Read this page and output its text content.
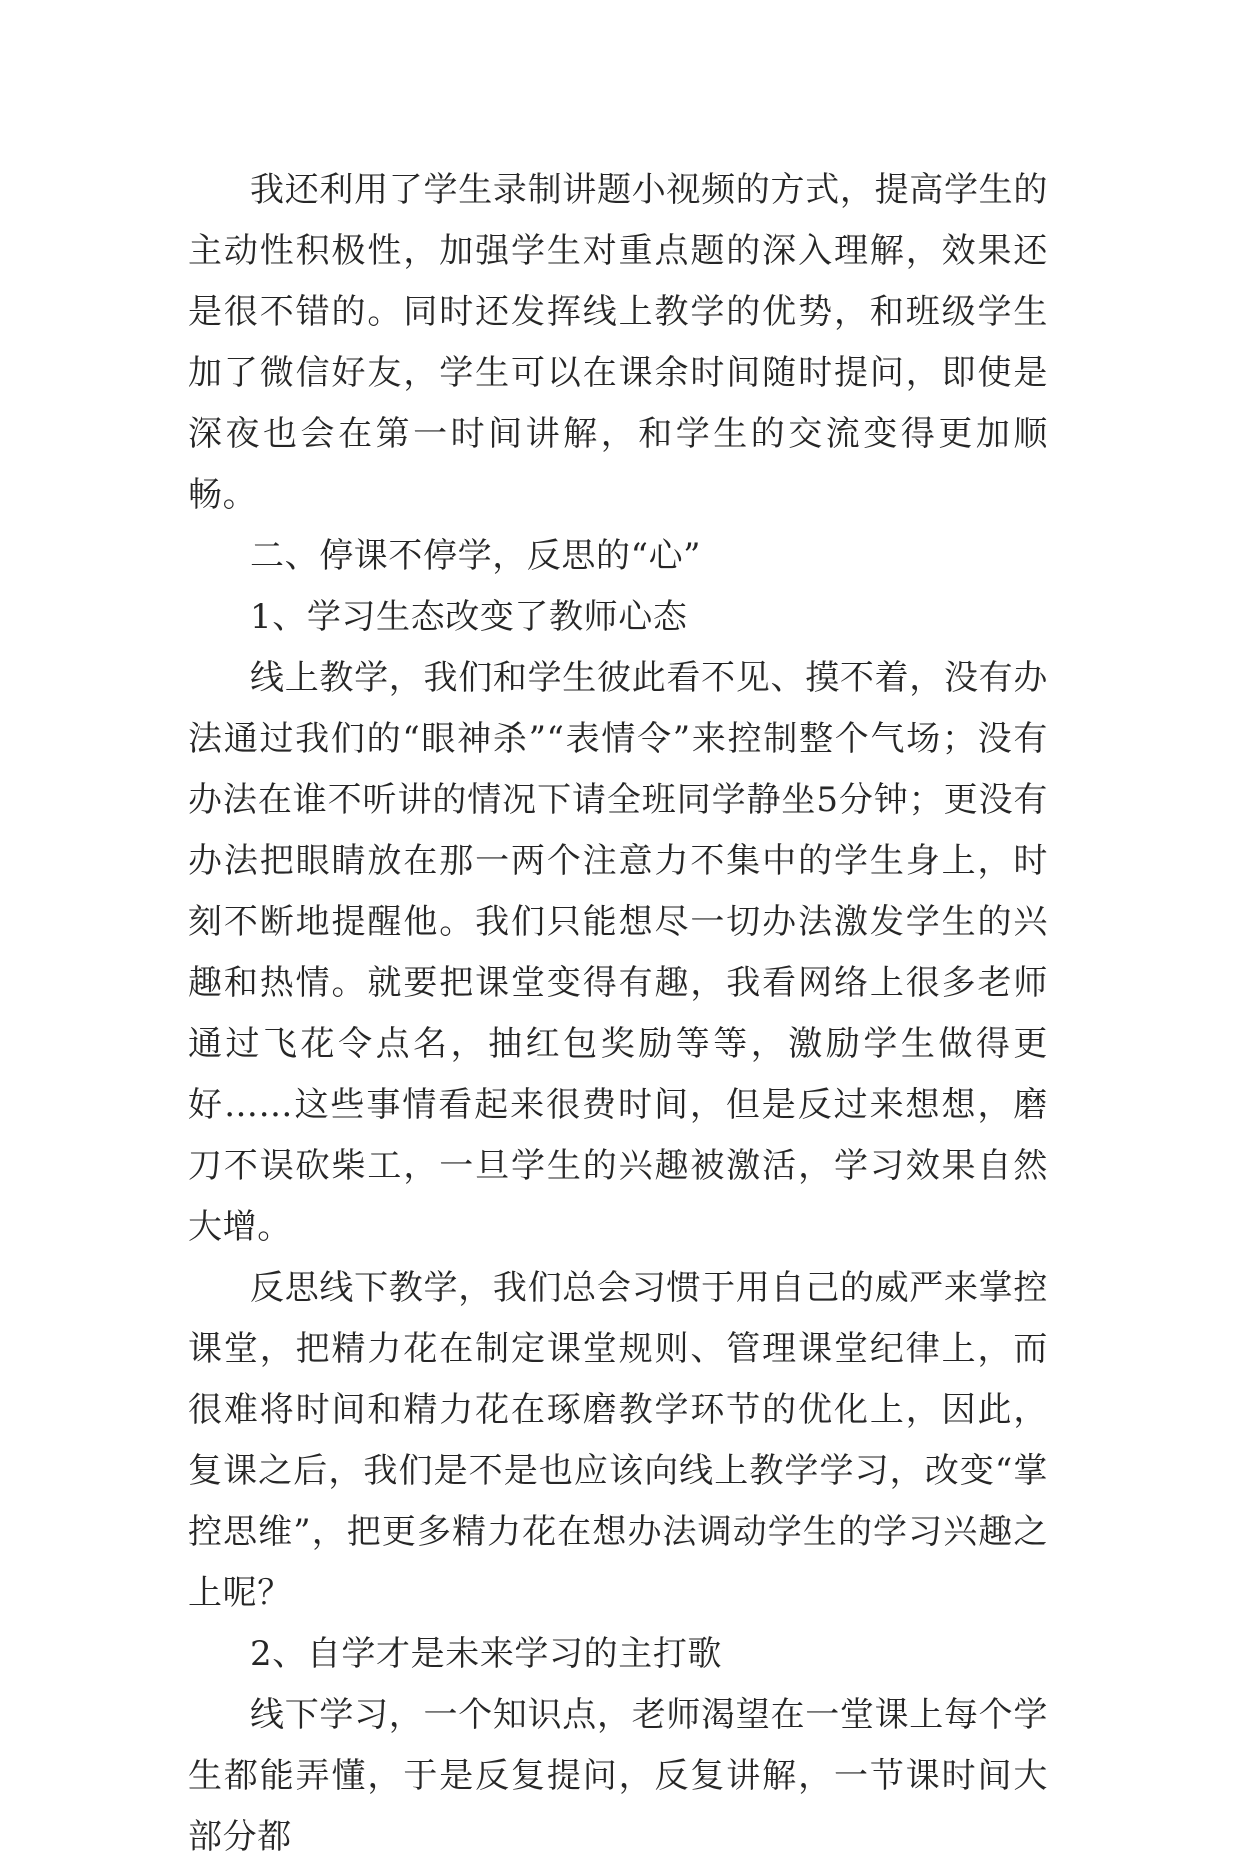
我还利用了学生录制讲题小视频的方式，提高学生的主动性积极性，加强学生对重点题的深入理解，效果还是很不错的。同时还发挥线上教学的优势，和班级学生加了微信好友，学生可以在课余时间随时提问，即使是深夜也会在第一时间讲解，和学生的交流变得更加顺畅。

二、停课不停学，反思的“心”

1、学习生态改变了教师心态

线上教学，我们和学生彼此看不见、摸不着，没有办法通过我们的“眼神杀”“表情令”来控制整个气场；没有办法在谁不听讲的情况下请全班同学静坐5分钟；更没有办法把眼睛放在那一两个注意力不集中的学生身上，时刻不断地提醒他。我们只能想尽一切办法激发学生的兴趣和热情。就要把课堂变得有趣，我看网络上很多老师通过飞花令点名，抽红包奖励等等，激励学生做得更好……这些事情看起来很费时间，但是反过来想想，磨刀不误砍柴工，一旦学生的兴趣被激活，学习效果自然大增。

反思线下教学，我们总会习惯于用自己的威严来掌控课堂，把精力花在制定课堂规则、管理课堂纪律上，而很难将时间和精力花在琢磨教学环节的优化上，因此，复课之后，我们是不是也应该向线上教学学习，改变“掌控思维”，把更多精力花在想办法调动学生的学习兴趣之上呢？

2、自学才是未来学习的主打歌

线下学习，一个知识点，老师渴望在一堂课上每个学生都能弄懂，于是反复提问，反复讲解，一节课时间大部分都
